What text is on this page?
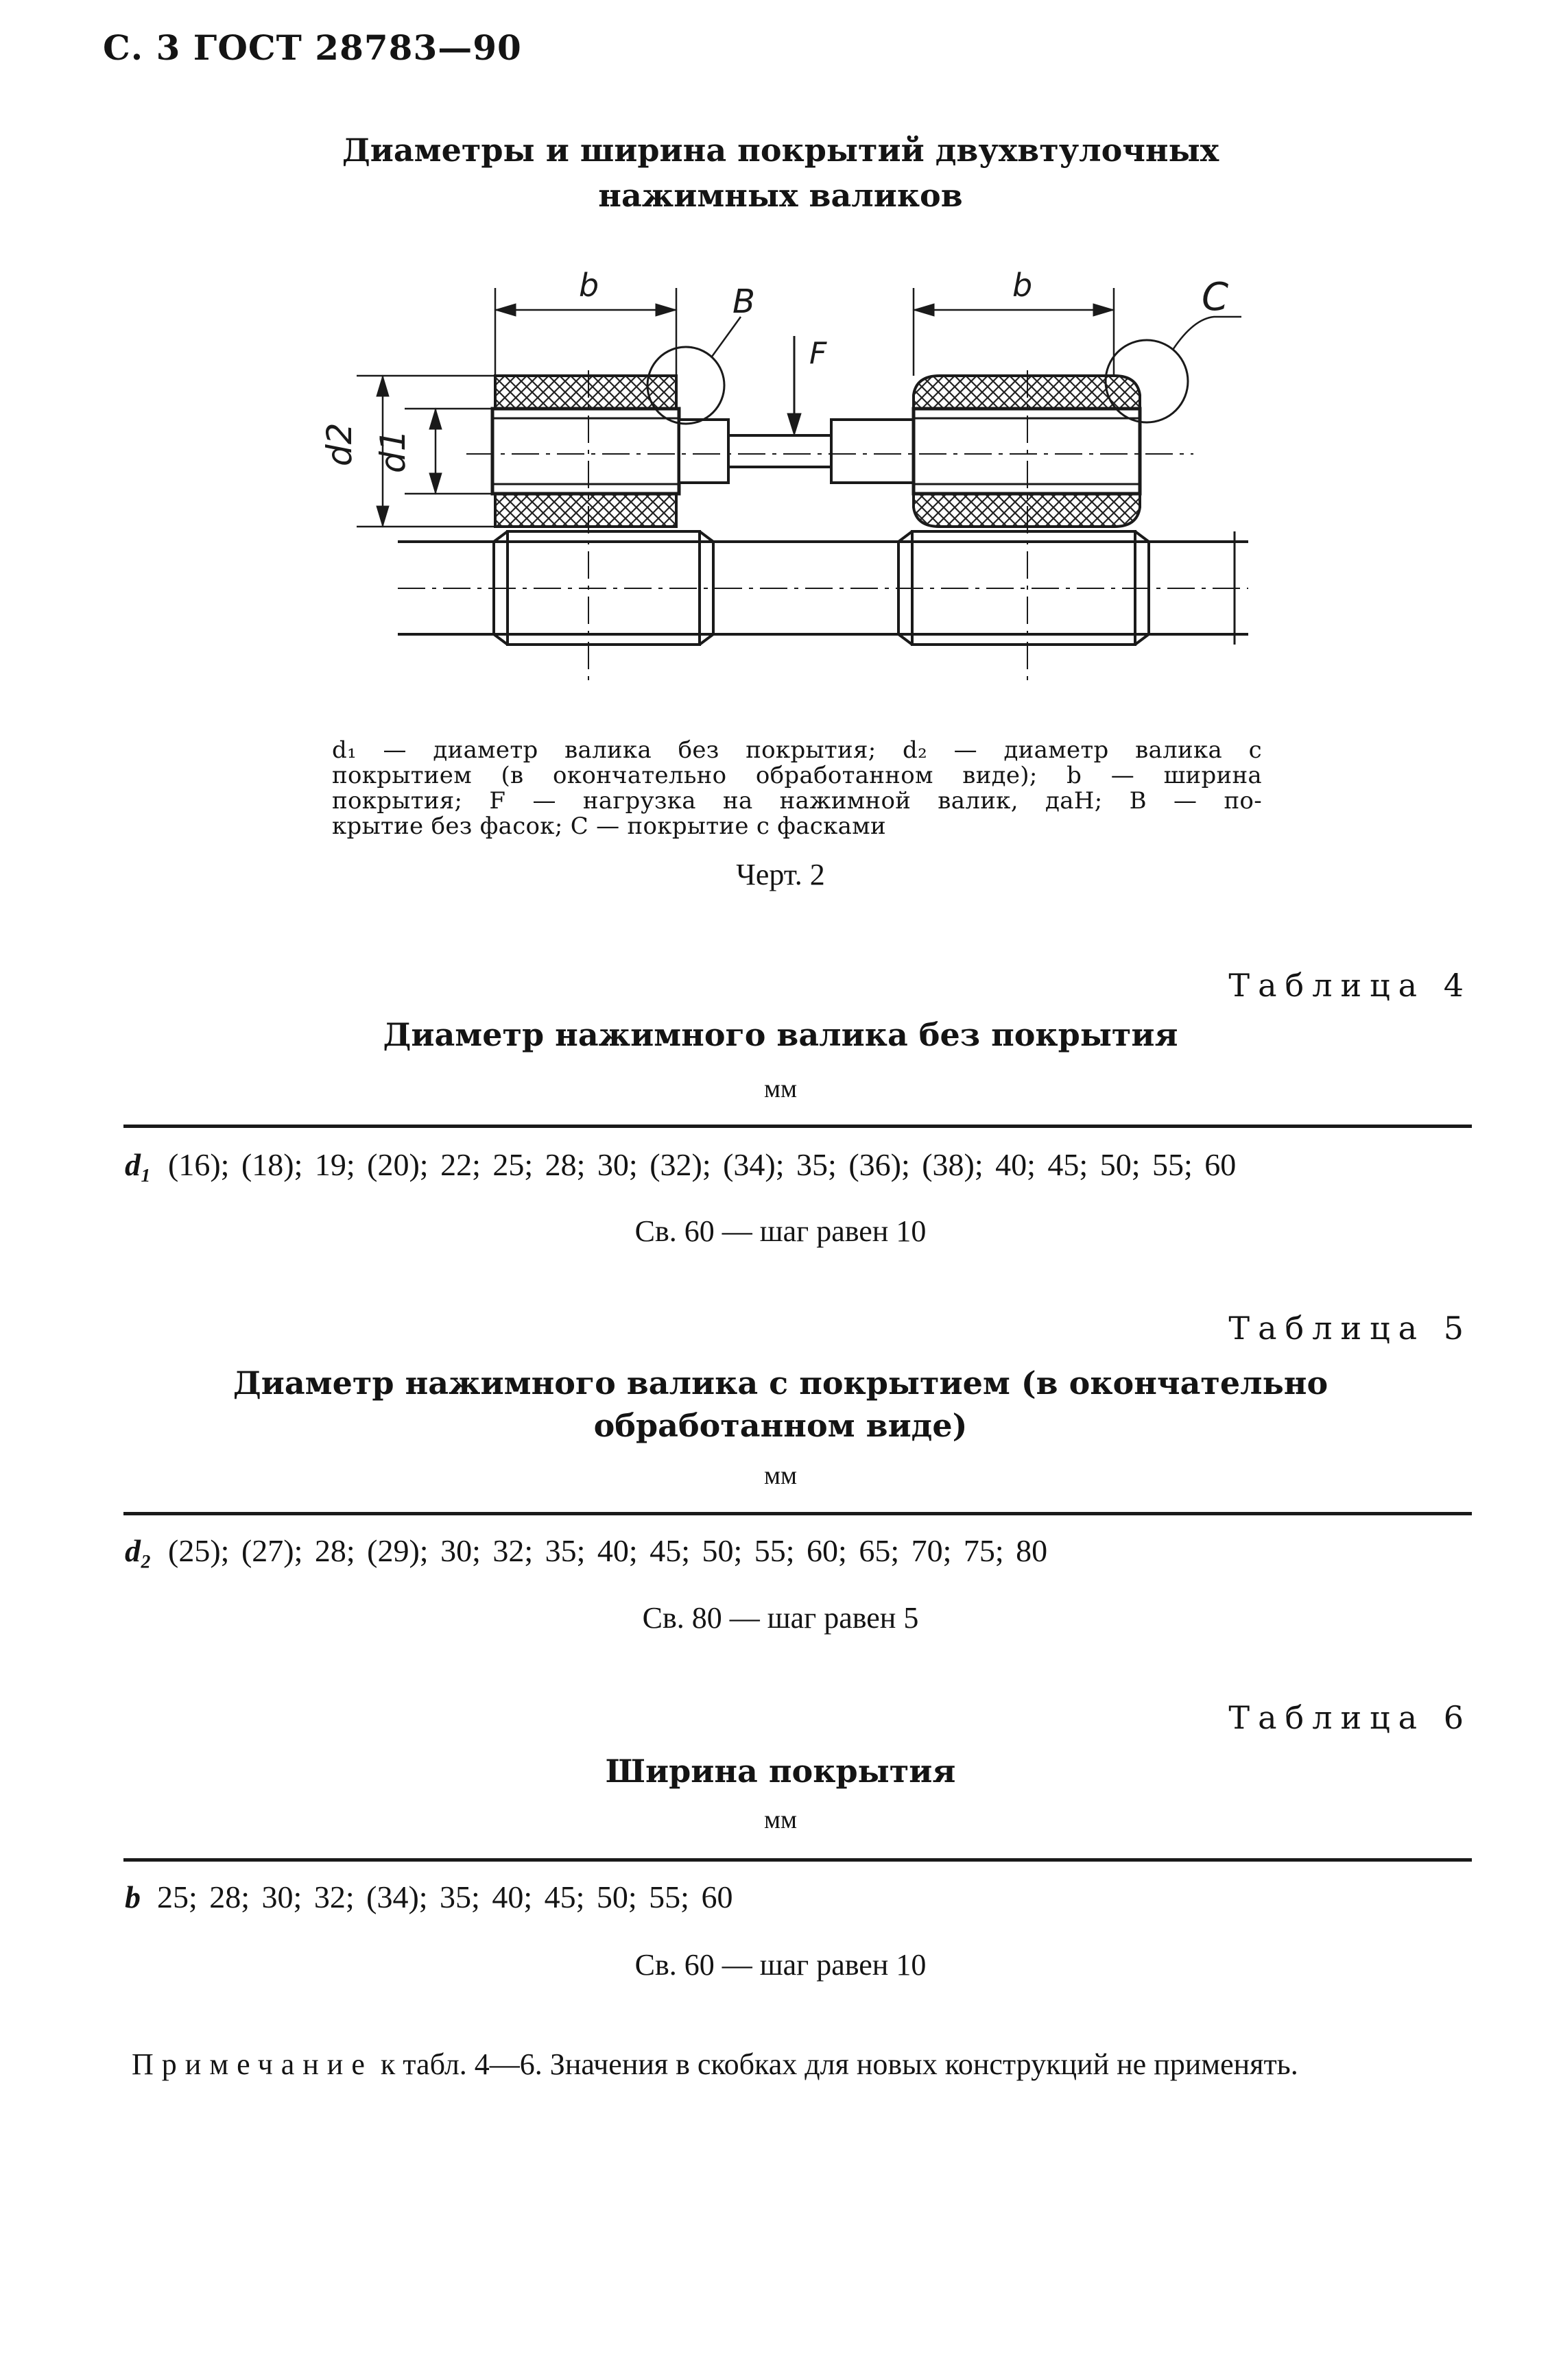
С. 3 ГОСТ 28783—90
Диаметры и ширина покрытий двухвтулочных
нажимных валиков
b	b
B	C
F
d2 d1
d₁ — диаметр валика без покрытия; d₂ — диаметр валика с
покрытием (в окончательно обработанном виде); b — ширина
покрытия; F — нагрузка на нажимной валик, даН; B — по-
крытие без фасок; C — покрытие с фасками
Черт. 2
Таблица 4
Диаметр нажимного валика без покрытия
мм
d₁ (16); (18); 19; (20); 22; 25; 28; 30; (32); (34); 35; (36); (38); 40; 45; 50; 55; 60
Св. 60 — шаг равен 10
Таблица 5
Диаметр нажимного валика с покрытием (в окончательно
обработанном виде)
мм
d₂ (25); (27); 28; (29); 30; 32; 35; 40; 45; 50; 55; 60; 65; 70; 75; 80
Св. 80 — шаг равен 5
Таблица 6
Ширина покрытия
мм
b 25; 28; 30; 32; (34); 35; 40; 45; 50; 55; 60
Св. 60 — шаг равен 10
Примечание к табл. 4—6. Значения в скобках для новых конструкций не применять.
